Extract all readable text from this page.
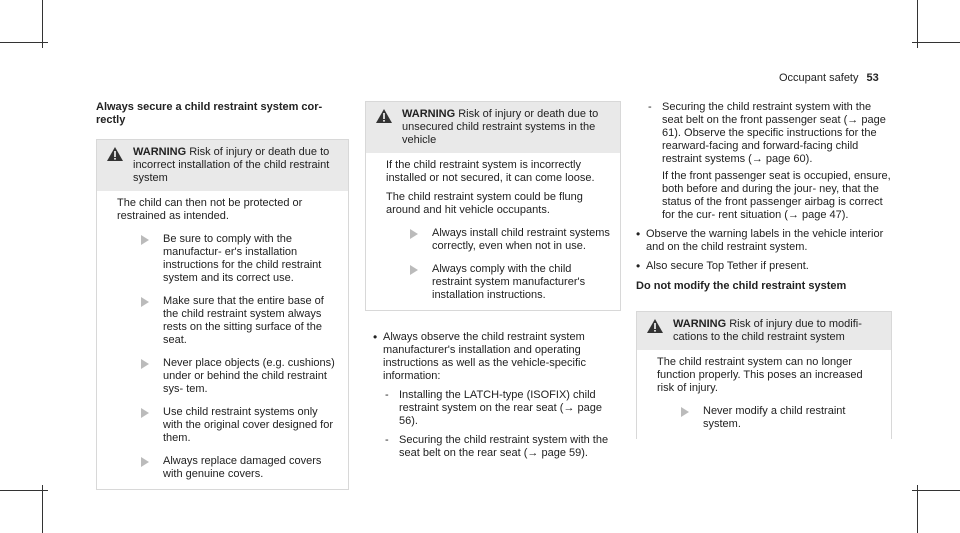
Occupant safety 53
Always secure a child restraint system cor- rectly
WARNING Risk of injury or death due to incorrect installation of the child restraint system

The child can then not be protected or restrained as intended.

Be sure to comply with the manufactur- er's installation instructions for the child restraint system and its correct use.
Make sure that the entire base of the child restraint system always rests on the sitting surface of the seat.
Never place objects (e.g. cushions) under or behind the child restraint sys- tem.
Use child restraint systems only with the original cover designed for them.
Always replace damaged covers with genuine covers.
WARNING Risk of injury or death due to unsecured child restraint systems in the vehicle

If the child restraint system is incorrectly installed or not secured, it can come loose.

The child restraint system could be flung around and hit vehicle occupants.

Always install child restraint systems correctly, even when not in use.
Always comply with the child restraint system manufacturer's installation instructions.
• Always observe the child restraint system manufacturer's installation and operating instructions as well as the vehicle-specific information:
- Installing the LATCH-type (ISOFIX) child restraint system on the rear seat (→ page 56).
- Securing the child restraint system with the seat belt on the rear seat (→ page 59).
- Securing the child restraint system with the seat belt on the front passenger seat (→ page 61). Observe the specific instructions for the rearward-facing and forward-facing child restraint systems (→ page 60).
If the front passenger seat is occupied, ensure, both before and during the jour- ney, that the status of the front passenger airbag is correct for the cur- rent situation (→ page 47).
• Observe the warning labels in the vehicle interior and on the child restraint system.
• Also secure Top Tether if present.
Do not modify the child restraint system
WARNING Risk of injury due to modifi- cations to the child restraint system

The child restraint system can no longer function properly. This poses an increased risk of injury.

Never modify a child restraint system.
